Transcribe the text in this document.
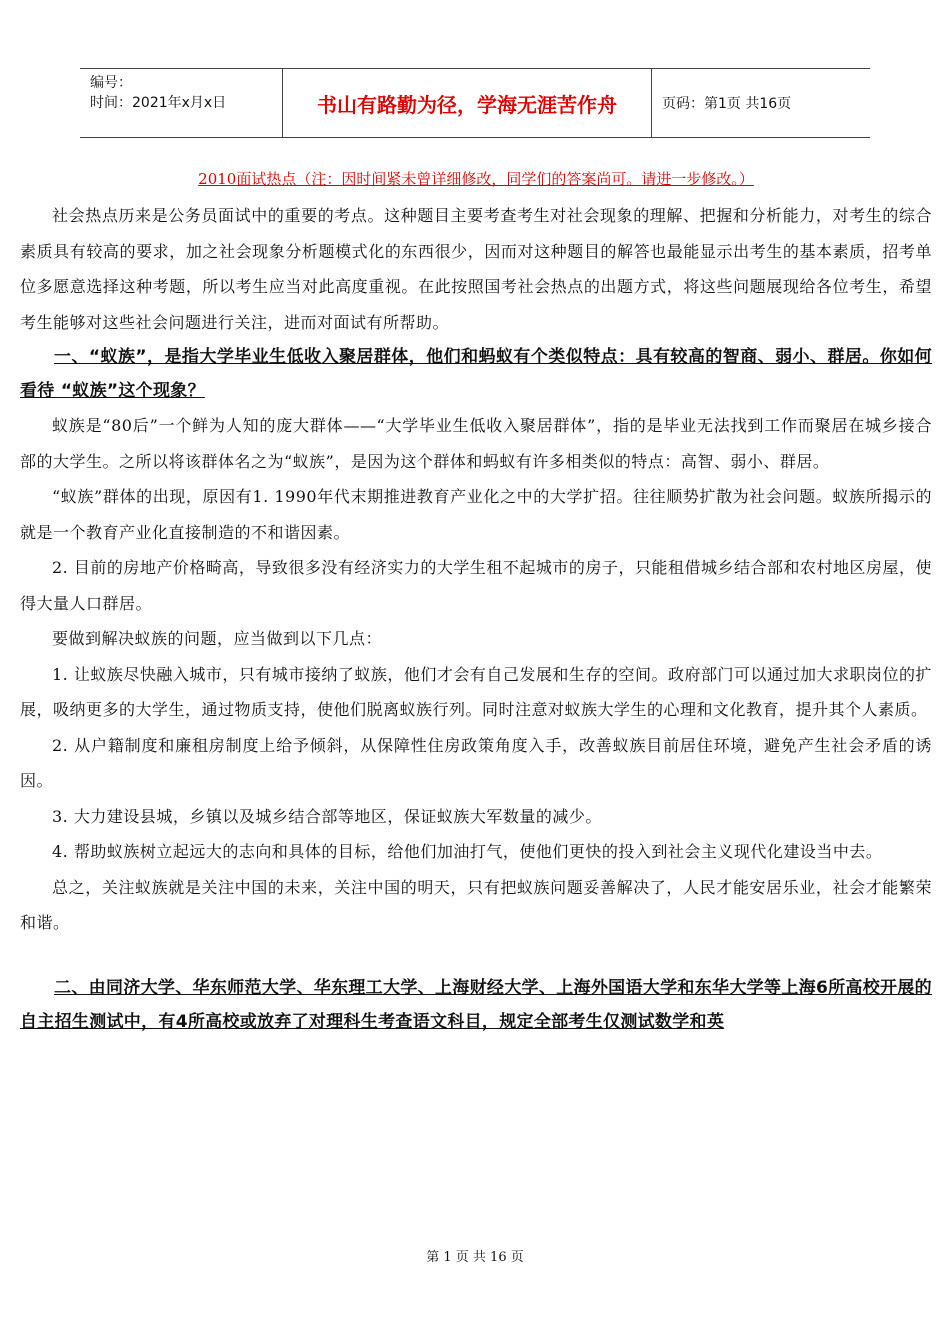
编号：
时间：2021年x月x日	书山有路勤为径，学海无涯苦作舟	页码：第1页 共16页
2010面试热点（注：因时间紧未曾详细修改，同学们的答案尚可。请进一步修改。）

社会热点历来是公务员面试中的重要的考点。这种题目主要考查考生对社会现象的理解、把握和分析能力，对考生的综合素质具有较高的要求，加之社会现象分析题模式化的东西很少，因而对这种题目的解答也最能显示出考生的基本素质，招考单位多愿意选择这种考题，所以考生应当对此高度重视。在此按照国考社会热点的出题方式，将这些问题展现给各位考生，希望考生能够对这些社会问题进行关注，进而对面试有所帮助。

一、“蚁族”，是指大学毕业生低收入聚居群体，他们和蚂蚁有个类似特点：具有较高的智商、弱小、群居。你如何看待 “蚁族”这个现象？

蚁族是“80后”一个鲜为人知的庞大群体——“大学毕业生低收入聚居群体”，指的是毕业无法找到工作而聚居在城乡接合部的大学生。之所以将该群体名之为“蚁族”，是因为这个群体和蚂蚁有许多相类似的特点：高智、弱小、群居。

“蚁族”群体的出现，原因有1. 1990年代末期推进教育产业化之中的大学扩招。往往顺势扩散为社会问题。蚁族所揭示的就是一个教育产业化直接制造的不和谐因素。

2. 目前的房地产价格畸高，导致很多没有经济实力的大学生租不起城市的房子，只能租借城乡结合部和农村地区房屋，使得大量人口群居。

要做到解决蚁族的问题，应当做到以下几点：

1. 让蚁族尽快融入城市，只有城市接纳了蚁族，他们才会有自己发展和生存的空间。政府部门可以通过加大求职岗位的扩展，吸纳更多的大学生，通过物质支持，使他们脱离蚁族行列。同时注意对蚁族大学生的心理和文化教育，提升其个人素质。

2. 从户籍制度和廉租房制度上给予倾斜，从保障性住房政策角度入手，改善蚁族目前居住环境，避免产生社会矛盾的诱因。

3. 大力建设县城，乡镇以及城乡结合部等地区，保证蚁族大军数量的减少。

4. 帮助蚁族树立起远大的志向和具体的目标，给他们加油打气，使他们更快的投入到社会主义现代化建设当中去。

总之，关注蚁族就是关注中国的未来，关注中国的明天，只有把蚁族问题妥善解决了，人民才能安居乐业，社会才能繁荣和谐。

二、由同济大学、华东师范大学、华东理工大学、上海财经大学、上海外国语大学和东华大学等上海6所高校开展的自主招生测试中，有4所高校或放弃了对理科生考查语文科目，规定全部考生仅测试数学和英

第 1 页 共 16 页
